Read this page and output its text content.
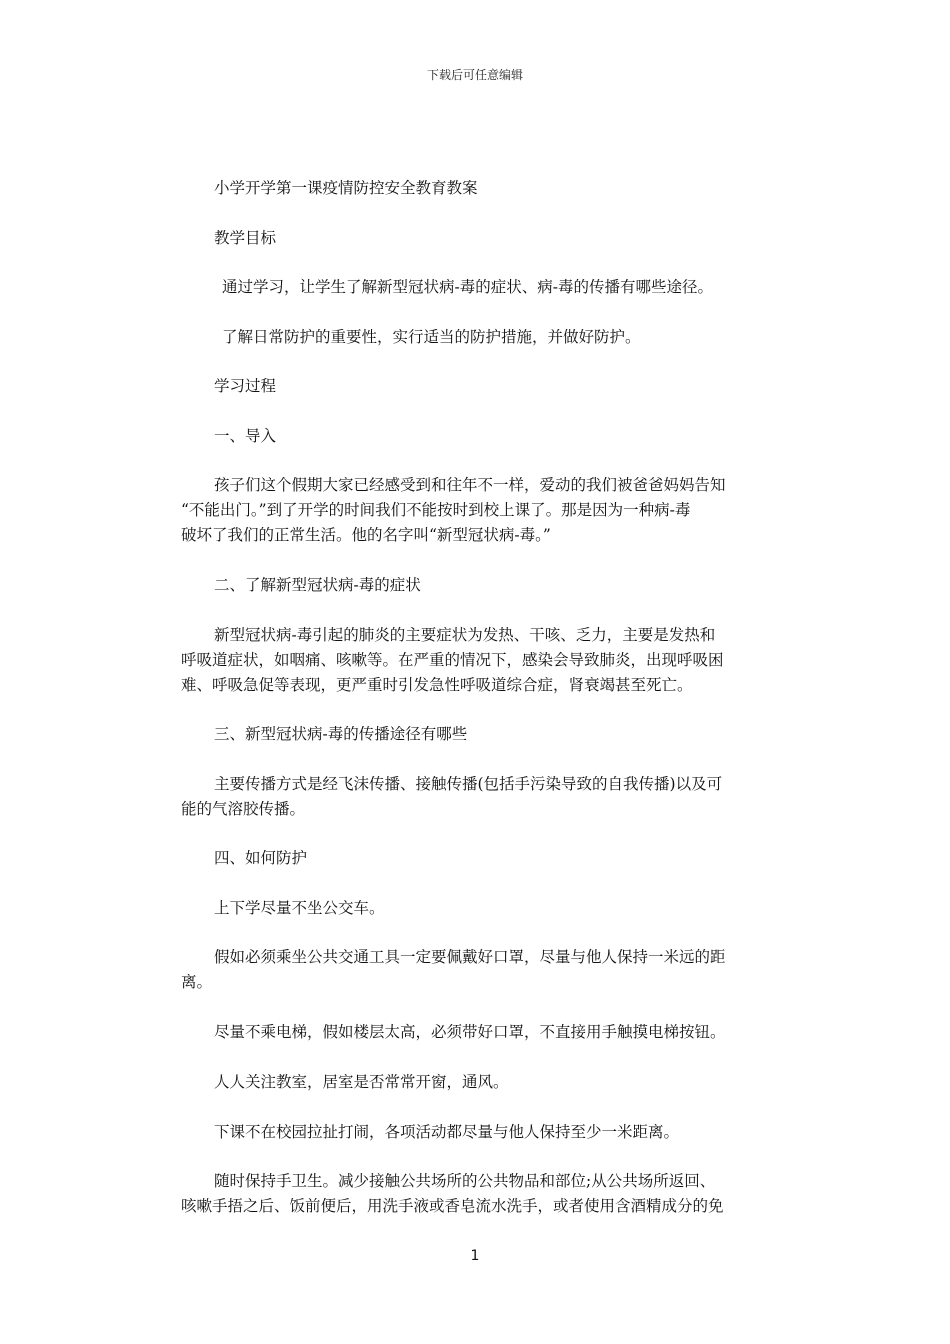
下载后可任意编辑

小学开学第一课疫情防控安全教育教案

教学目标

通过学习，让学生了解新型冠状病-毒的症状、病-毒的传播有哪些途径。

了解日常防护的重要性，实行适当的防护措施，并做好防护。

学习过程

一、导入

孩子们这个假期大家已经感受到和往年不一样，爱动的我们被爸爸妈妈告知
“不能出门。”到了开学的时间我们不能按时到校上课了。那是因为一种病-毒
破坏了我们的正常生活。他的名字叫“新型冠状病-毒。”

二、了解新型冠状病-毒的症状

新型冠状病-毒引起的肺炎的主要症状为发热、干咳、乏力，主要是发热和
呼吸道症状，如咽痛、咳嗽等。在严重的情况下，感染会导致肺炎，出现呼吸困
难、呼吸急促等表现，更严重时引发急性呼吸道综合症，肾衰竭甚至死亡。

三、新型冠状病-毒的传播途径有哪些

主要传播方式是经飞沫传播、接触传播(包括手污染导致的自我传播)以及可
能的气溶胶传播。

四、如何防护

上下学尽量不坐公交车。

假如必须乘坐公共交通工具一定要佩戴好口罩，尽量与他人保持一米远的距
离。

尽量不乘电梯，假如楼层太高，必须带好口罩，不直接用手触摸电梯按钮。

人人关注教室，居室是否常常开窗，通风。

下课不在校园拉扯打闹，各项活动都尽量与他人保持至少一米距离。

随时保持手卫生。减少接触公共场所的公共物品和部位;从公共场所返回、
咳嗽手捂之后、饭前便后，用洗手液或香皂流水洗手，或者使用含酒精成分的免

1
